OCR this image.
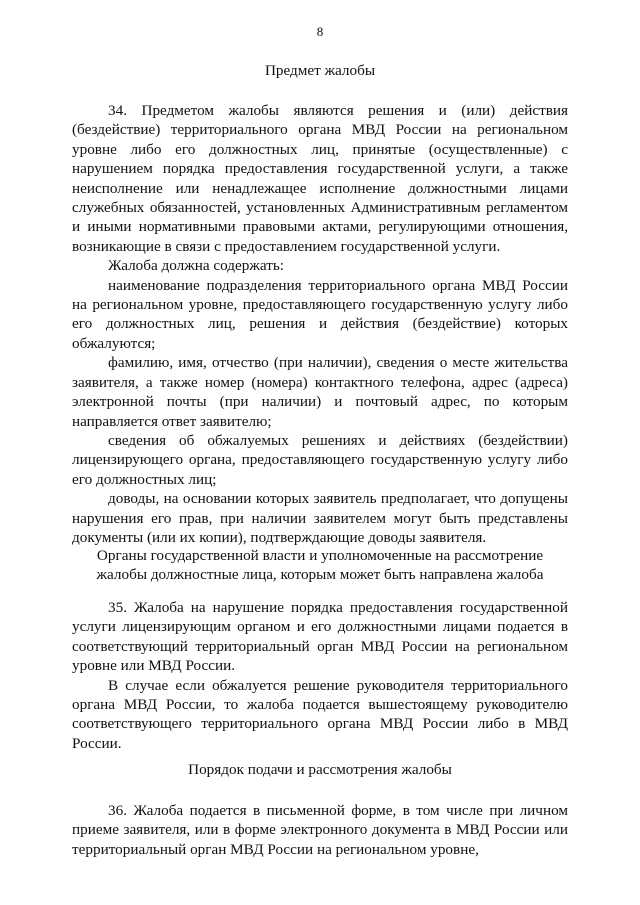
8

Предмет жалобы

34. Предметом жалобы являются решения и (или) действия (бездействие) территориального органа МВД России на региональном уровне либо его должностных лиц, принятые (осуществленные) с нарушением порядка предоставления государственной услуги, а также неисполнение или ненадлежащее исполнение должностными лицами служебных обязанностей, установленных Административным регламентом и иными нормативными правовыми актами, регулирующими отношения, возникающие в связи с предоставлением государственной услуги.

Жалоба должна содержать:

наименование подразделения территориального органа МВД России на региональном уровне, предоставляющего государственную услугу либо его должностных лиц, решения и действия (бездействие) которых обжалуются;

фамилию, имя, отчество (при наличии), сведения о месте жительства заявителя, а также номер (номера) контактного телефона, адрес (адреса) электронной почты (при наличии) и почтовый адрес, по которым направляется ответ заявителю;

сведения об обжалуемых решениях и действиях (бездействии) лицензирующего органа, предоставляющего государственную услугу либо его должностных лиц;

доводы, на основании которых заявитель предполагает, что допущены нарушения его прав, при наличии заявителем могут быть представлены документы (или их копии), подтверждающие доводы заявителя.

Органы государственной власти и уполномоченные на рассмотрение

жалобы должностные лица, которым может быть направлена жалоба

35. Жалоба на нарушение порядка предоставления государственной услуги лицензирующим органом и его должностными лицами подается в соответствующий территориальный орган МВД России на региональном уровне или МВД России.

В случае если обжалуется решение руководителя территориального органа МВД России, то жалоба подается вышестоящему руководителю соответствующего территориального органа МВД России либо в МВД России.

Порядок подачи и рассмотрения жалобы

36. Жалоба подается в письменной форме, в том числе при личном приеме заявителя, или в форме электронного документа в МВД России или территориальный орган МВД России на региональном уровне,
